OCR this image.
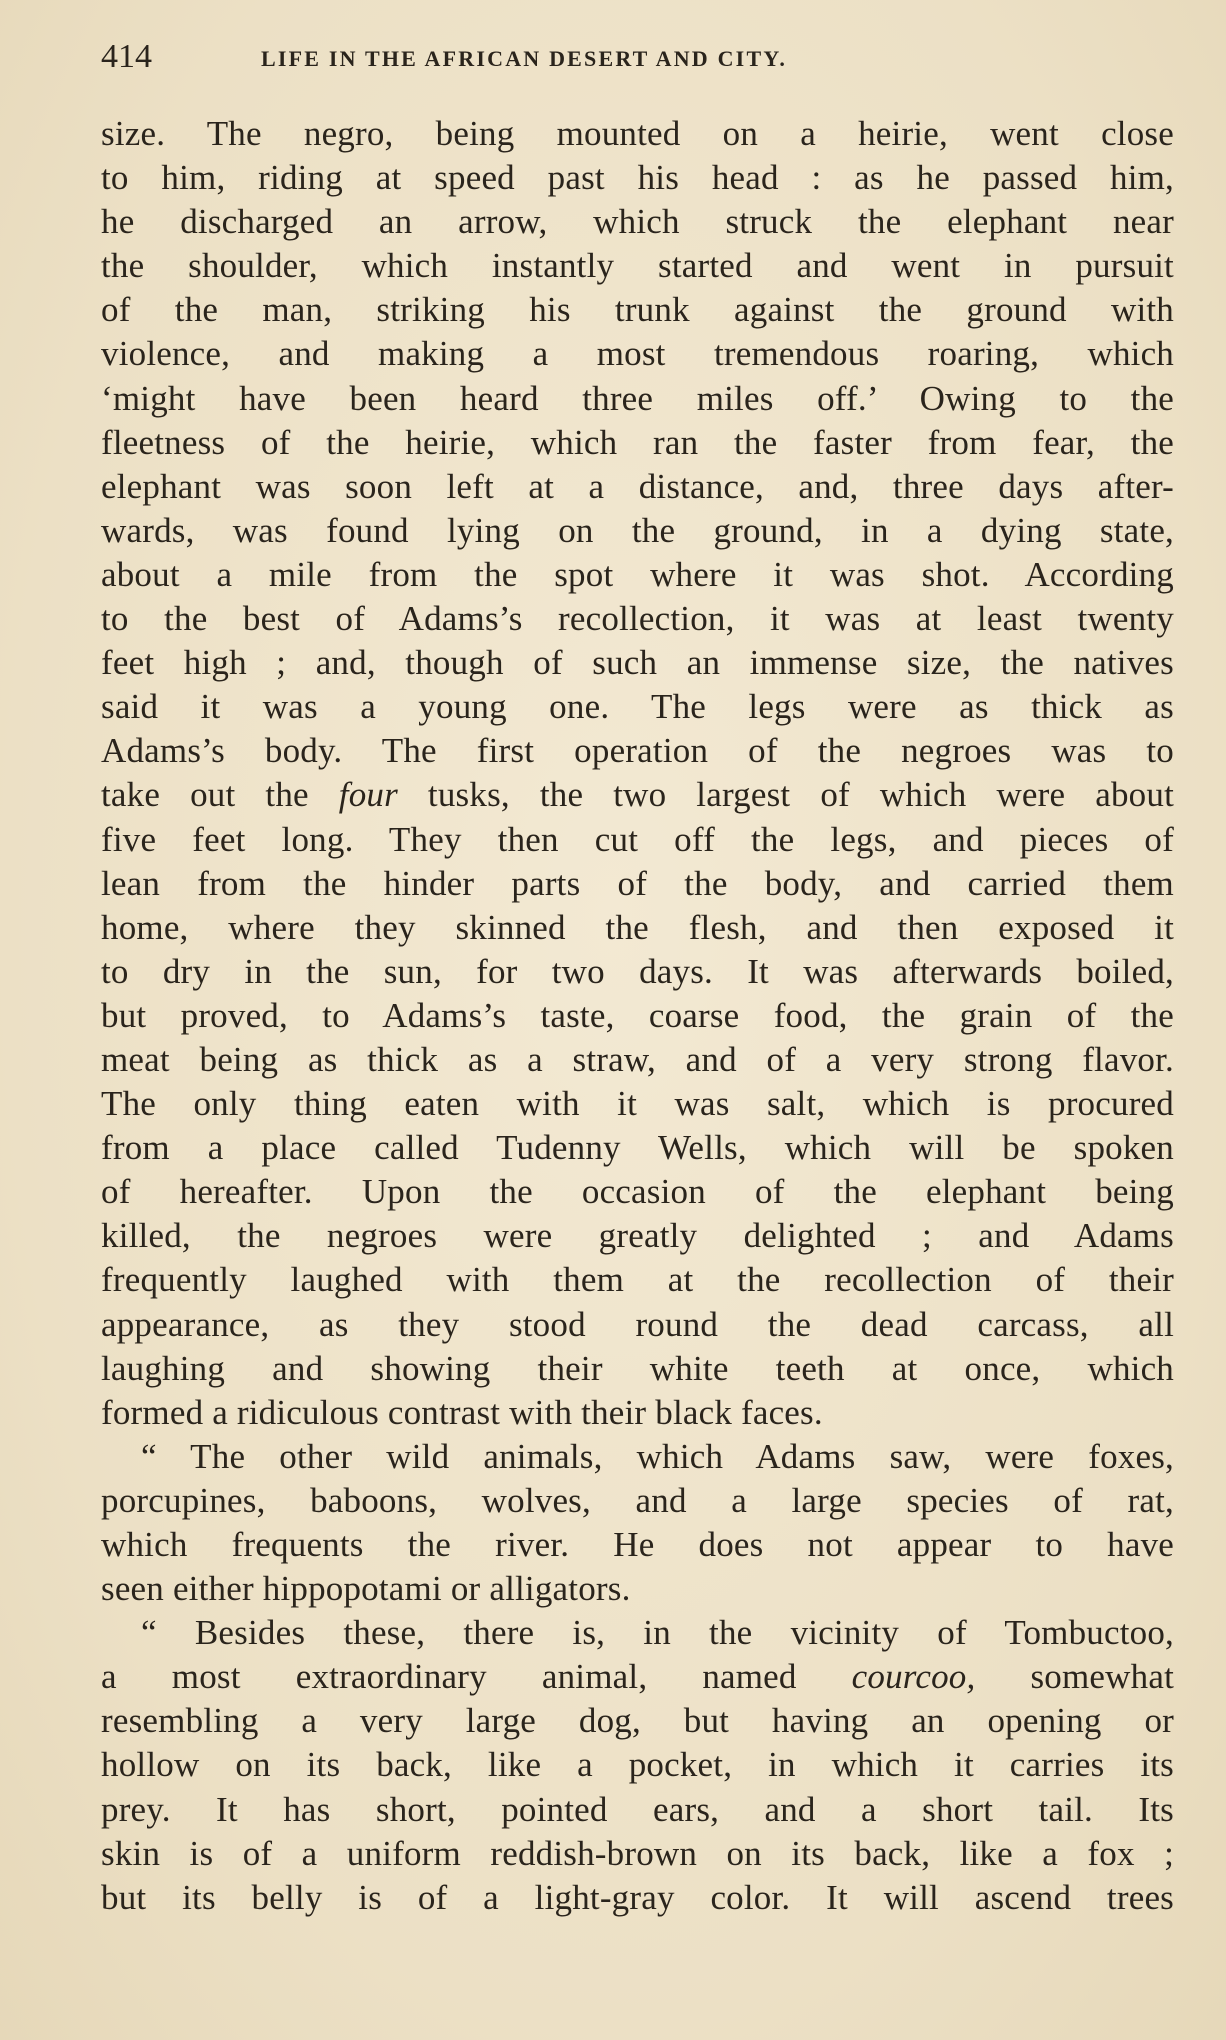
414	LIFE IN THE AFRICAN DESERT AND CITY.
size. The negro, being mounted on a heirie, went close
to him, riding at speed past his head : as he passed him,
he discharged an arrow, which struck the elephant near
the shoulder, which instantly started and went in pursuit
of the man, striking his trunk against the ground with
violence, and making a most tremendous roaring, which
‘might have been heard three miles off.’ Owing to the
fleetness of the heirie, which ran the faster from fear, the
elephant was soon left at a distance, and, three days after-
wards, was found lying on the ground, in a dying state,
about a mile from the spot where it was shot. According
to the best of Adams’s recollection, it was at least twenty
feet high ; and, though of such an immense size, the natives
said it was a young one. The legs were as thick as
Adams’s body. The first operation of the negroes was to
take out the four tusks, the two largest of which were about
five feet long. They then cut off the legs, and pieces of
lean from the hinder parts of the body, and carried them
home, where they skinned the flesh, and then exposed it
to dry in the sun, for two days. It was afterwards boiled,
but proved, to Adams’s taste, coarse food, the grain of the
meat being as thick as a straw, and of a very strong flavor.
The only thing eaten with it was salt, which is procured
from a place called Tudenny Wells, which will be spoken
of hereafter. Upon the occasion of the elephant being
killed, the negroes were greatly delighted ; and Adams
frequently laughed with them at the recollection of their
appearance, as they stood round the dead carcass, all
laughing and showing their white teeth at once, which
formed a ridiculous contrast with their black faces.
“ The other wild animals, which Adams saw, were foxes,
porcupines, baboons, wolves, and a large species of rat,
which frequents the river. He does not appear to have
seen either hippopotami or alligators.
“ Besides these, there is, in the vicinity of Tombuctoo,
a most extraordinary animal, named courcoo, somewhat
resembling a very large dog, but having an opening or
hollow on its back, like a pocket, in which it carries its
prey. It has short, pointed ears, and a short tail. Its
skin is of a uniform reddish-brown on its back, like a fox ;
but its belly is of a light-gray color. It will ascend trees
